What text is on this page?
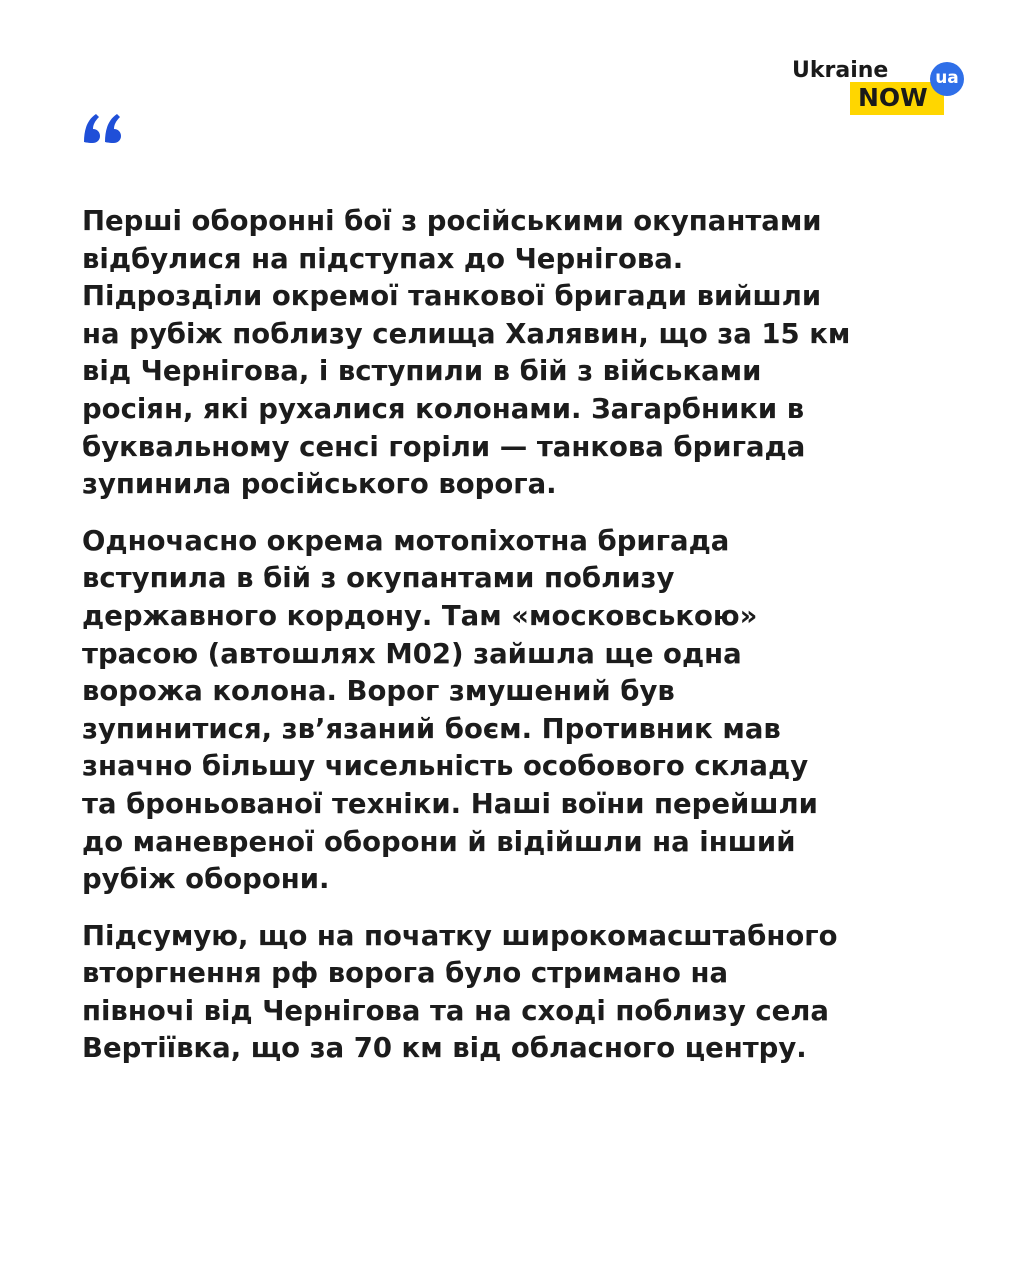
Ukraine
NOW
ua

Перші оборонні бої з російськими окупантами
відбулися на підступах до Чернігова.
Підрозділи окремої танкової бригади вийшли
на рубіж поблизу селища Халявин, що за 15 км
від Чернігова, і вступили в бій з військами
росіян, які рухалися колонами. Загарбники в
буквальному сенсі горіли — танкова бригада
зупинила російського ворога.

Одночасно окрема мотопіхотна бригада
вступила в бій з окупантами поблизу
державного кордону. Там «московською»
трасою (автошлях М02) зайшла ще одна
ворожа колона. Ворог змушений був
зупинитися, зв’язаний боєм. Противник мав
значно більшу чисельність особового складу
та броньованої техніки. Наші воїни перейшли
до маневреної оборони й відійшли на інший
рубіж оборони.

Підсумую, що на початку широкомасштабного
вторгнення рф ворога було стримано на
півночі від Чернігова та на сході поблизу села
Вертіївка, що за 70 км від обласного центру.
